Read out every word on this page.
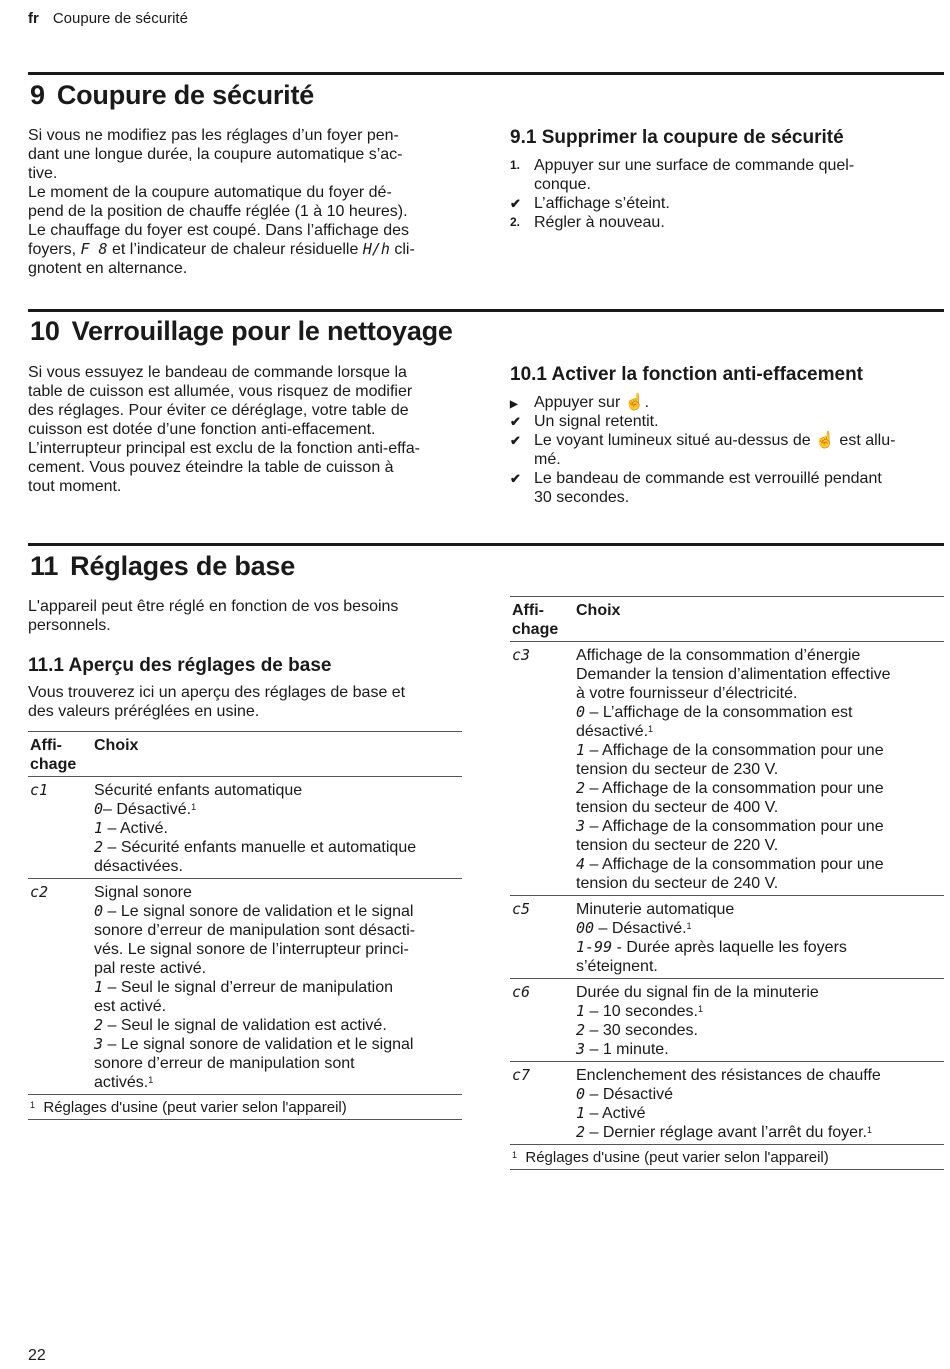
fr Coupure de sécurité
9 Coupure de sécurité
Si vous ne modifiez pas les réglages d’un foyer pen-
dant une longue durée, la coupure automatique s’ac-
tive.
Le moment de la coupure automatique du foyer dé-
pend de la position de chauffe réglée (1 à 10 heures).
Le chauffage du foyer est coupé. Dans l’affichage des
foyers, F 8 et l’indicateur de chaleur résiduelle H/h cli-
gnotent en alternance.
9.1 Supprimer la coupure de sécurité
1. Appuyer sur une surface de commande quel-
conque.
✔ L’affichage s’éteint.
2. Régler à nouveau.
10 Verrouillage pour le nettoyage
Si vous essuyez le bandeau de commande lorsque la
table de cuisson est allumée, vous risquez de modifier
des réglages. Pour éviter ce déréglage, votre table de
cuisson est dotée d’une fonction anti-effacement.
L’interrupteur principal est exclu de la fonction anti-effa-
cement. Vous pouvez éteindre la table de cuisson à
tout moment.
10.1 Activer la fonction anti-effacement
▶	Appuyer sur ☝.
✔ Un signal retentit.
✔ Le voyant lumineux situé au-dessus de ☝ est allu-
mé.
✔ Le bandeau de commande est verrouillé pendant
30 secondes.
11 Réglages de base
L'appareil peut être réglé en fonction de vos besoins
personnels.
11.1 Aperçu des réglages de base
Vous trouverez ici un aperçu des réglages de base et
des valeurs préréglées en usine.
Affi-
chage
Choix
c1	Sécurité enfants automatique
0– Désactivé.$^1$
1 – Activé.
2 – Sécurité enfants manuelle et automatique
désactivées.
c2	Signal sonore
0 – Le signal sonore de validation et le signal
sonore d’erreur de manipulation sont désacti-
vés. Le signal sonore de l’interrupteur princi-
pal reste activé.
1 – Seul le signal d’erreur de manipulation
est activé.
2 – Seul le signal de validation est activé.
3 – Le signal sonore de validation et le signal
sonore d’erreur de manipulation sont
activés.$^1$
$^1$ Réglages d'usine (peut varier selon l'appareil)
Affi-
chage
Choix
c3	Affichage de la consommation d’énergie
Demander la tension d’alimentation effective
à votre fournisseur d’électricité.
0 – L’affichage de la consommation est
désactivé.$^1$
1 – Affichage de la consommation pour une
tension du secteur de 230 V.
2 – Affichage de la consommation pour une
tension du secteur de 400 V.
3 – Affichage de la consommation pour une
tension du secteur de 220 V.
4 – Affichage de la consommation pour une
tension du secteur de 240 V.
c5	Minuterie automatique
00 – Désactivé.$^1$
1-99 - Durée après laquelle les foyers
s’éteignent.
c6	Durée du signal fin de la minuterie
1 – 10 secondes.$^1$
2 – 30 secondes.
3 – 1 minute.
c7	Enclenchement des résistances de chauffe
0 – Désactivé
1 – Activé
2 – Dernier réglage avant l’arrêt du foyer.$^1$
$^1$ Réglages d'usine (peut varier selon l'appareil)
22
